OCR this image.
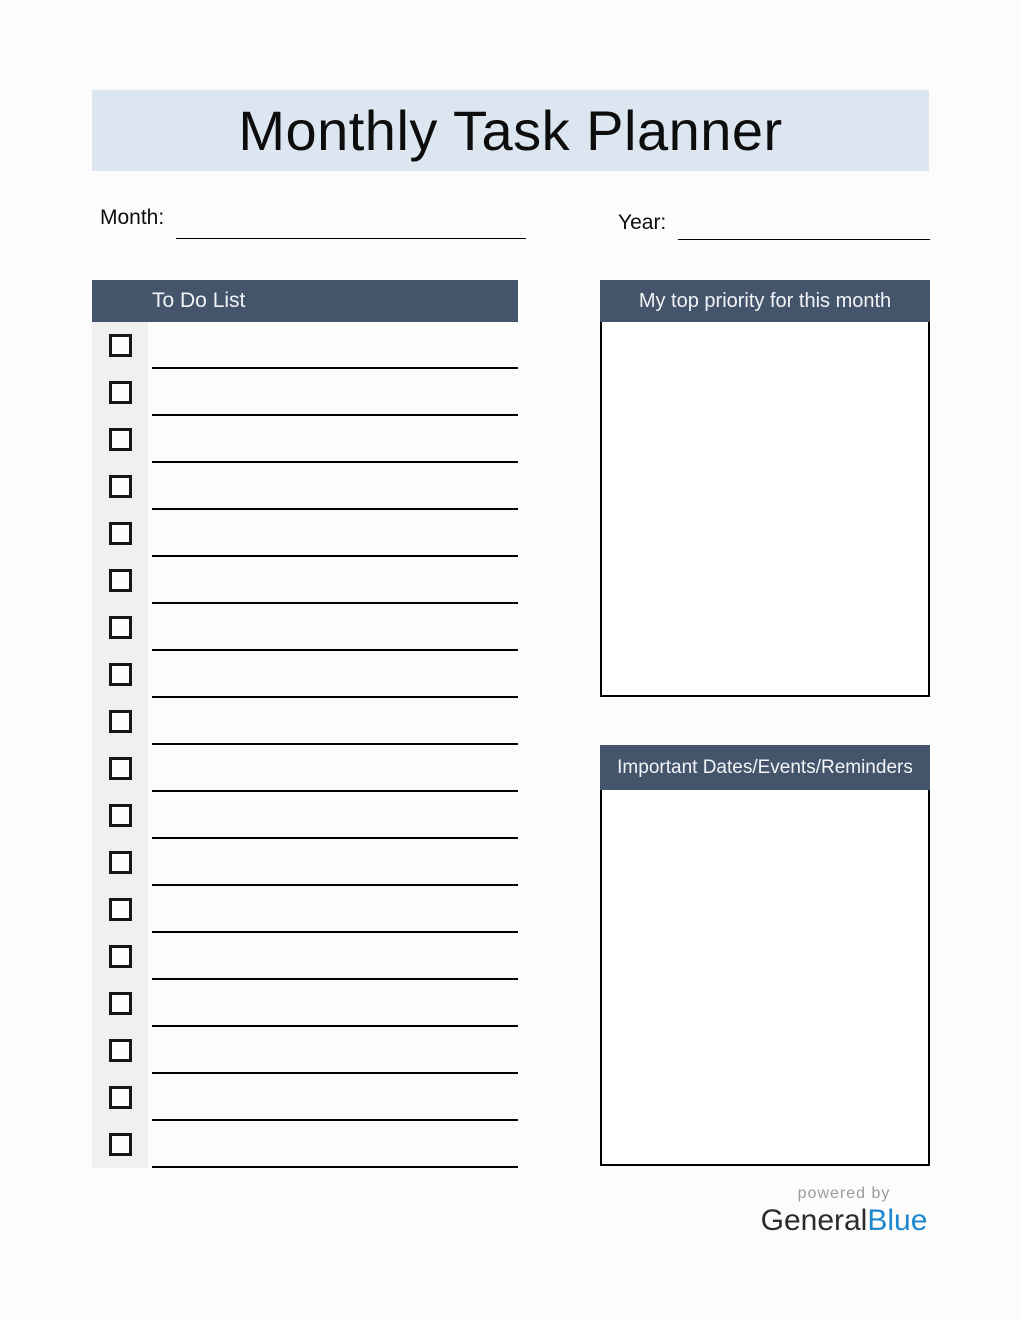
Monthly Task Planner
Month:	Year:
To Do List	My top priority for this month
Important Dates/Events/Reminders
powered by
GeneralBlue
